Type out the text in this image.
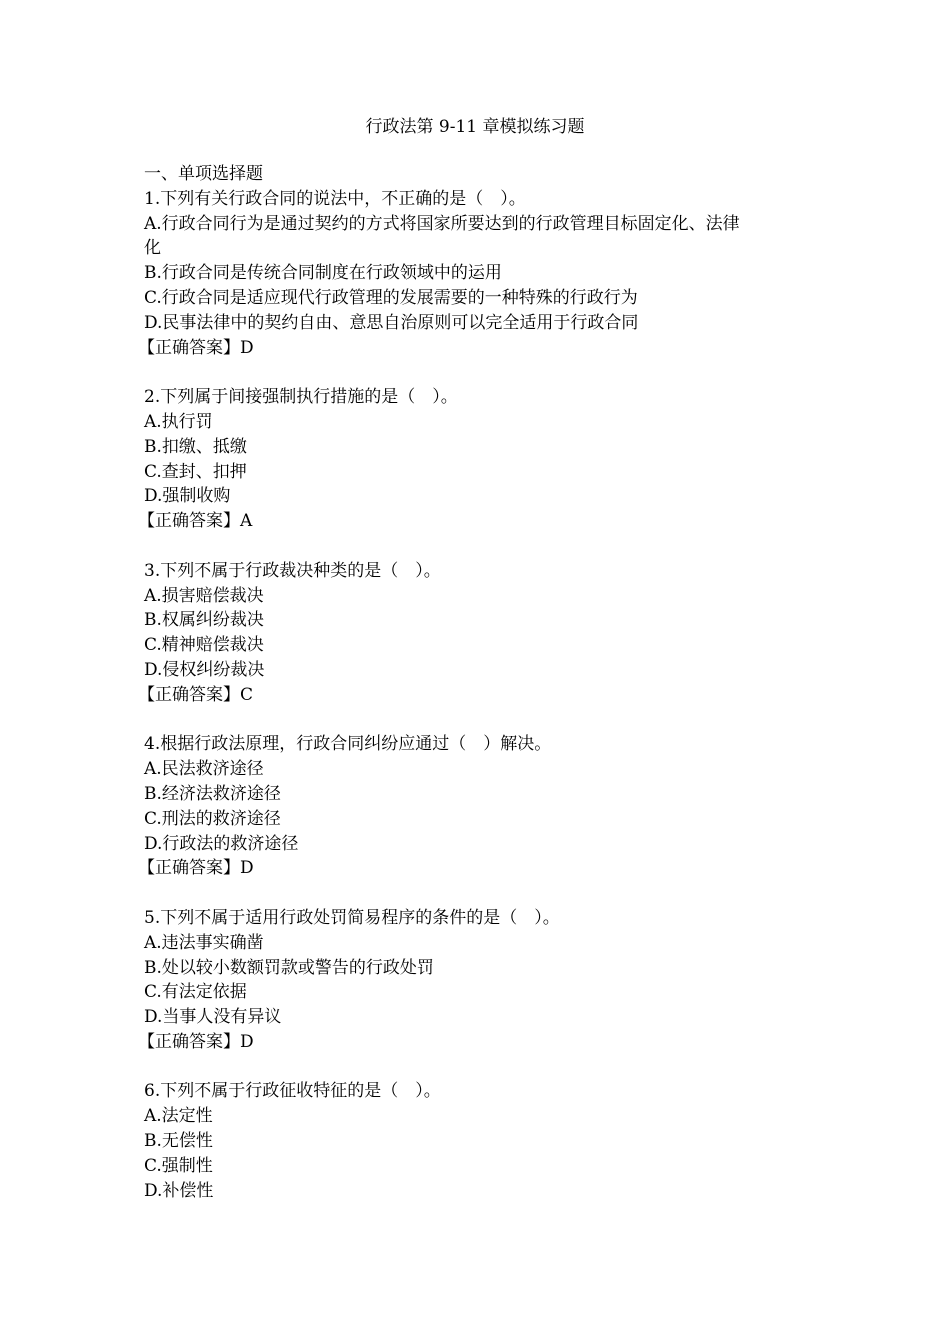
行政法第 9-11 章模拟练习题
一、单项选择题
1.下列有关行政合同的说法中，不正确的是（　）。
A.行政合同行为是通过契约的方式将国家所要达到的行政管理目标固定化、法律
化
B.行政合同是传统合同制度在行政领域中的运用
C.行政合同是适应现代行政管理的发展需要的一种特殊的行政行为
D.民事法律中的契约自由、意思自治原则可以完全适用于行政合同
【正确答案】D
2.下列属于间接强制执行措施的是（　）。
A.执行罚
B.扣缴、抵缴
C.查封、扣押
D.强制收购
【正确答案】A
3.下列不属于行政裁决种类的是（　）。
A.损害赔偿裁决
B.权属纠纷裁决
C.精神赔偿裁决
D.侵权纠纷裁决
【正确答案】C
4.根据行政法原理，行政合同纠纷应通过（　）解决。
A.民法救济途径
B.经济法救济途径
C.刑法的救济途径
D.行政法的救济途径
【正确答案】D
5.下列不属于适用行政处罚简易程序的条件的是（　）。
A.违法事实确凿
B.处以较小数额罚款或警告的行政处罚
C.有法定依据
D.当事人没有异议
【正确答案】D
6.下列不属于行政征收特征的是（　）。
A.法定性
B.无偿性
C.强制性
D.补偿性
